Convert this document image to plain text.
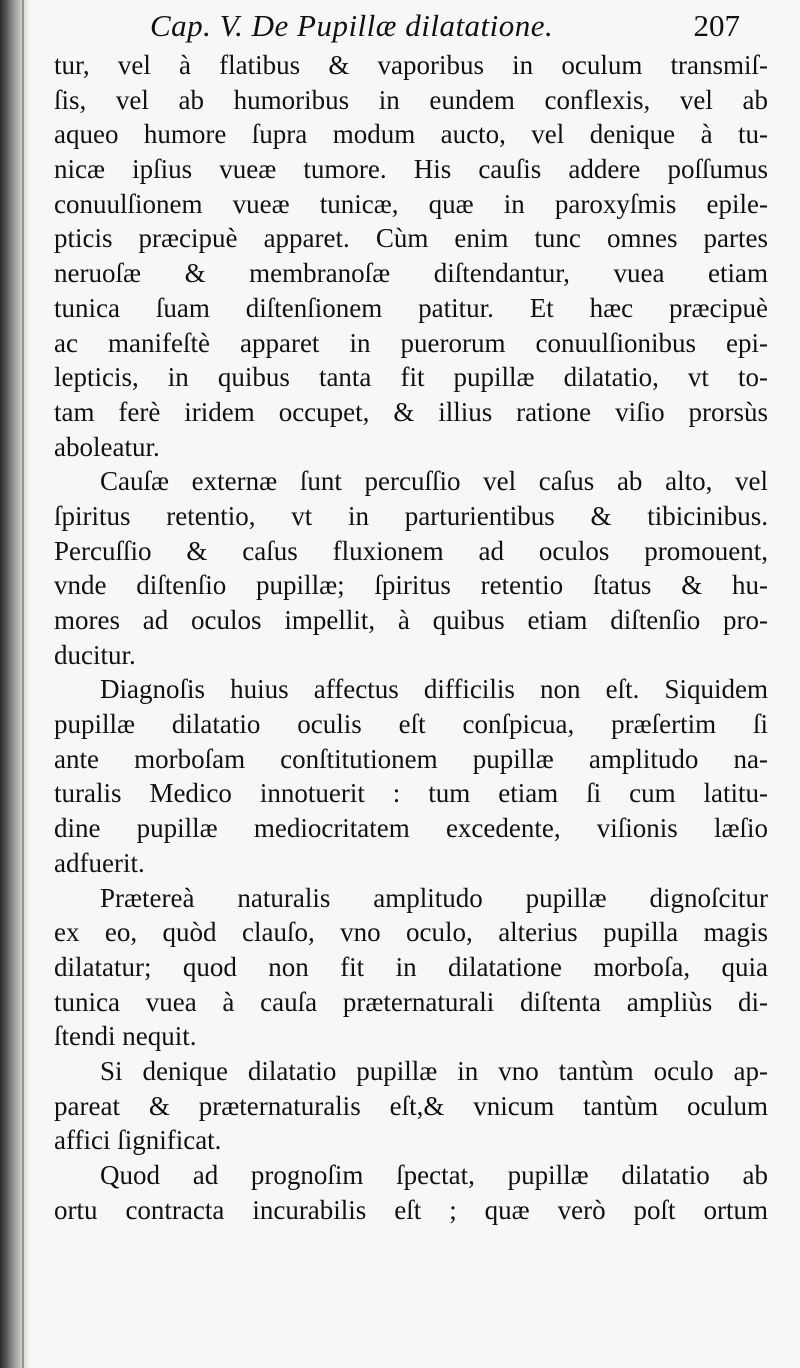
Cap. V. De Pupillæ dilatatione.	207
tur, vel à flatibus & vaporibus in oculum transmiſ-
ſis, vel ab humoribus in eundem conflexis, vel ab
aqueo humore ſupra modum aucto, vel denique à tu-
nicæ ipſius vueæ tumore. His cauſis addere poſſumus
conuulſionem vueæ tunicæ, quæ in paroxyſmis epile-
pticis præcipuè apparet. Cùm enim tunc omnes partes
neruoſæ & membranoſæ diſtendantur, vuea etiam
tunica ſuam diſtenſionem patitur. Et hæc præcipuè
ac manifeſtè apparet in puerorum conuulſionibus epi-
lepticis, in quibus tanta fit pupillæ dilatatio, vt to-
tam ferè iridem occupet, & illius ratione viſio prorsùs
aboleatur.
Cauſæ externæ ſunt percuſſio vel caſus ab alto, vel
ſpiritus retentio, vt in parturientibus & tibicinibus.
Percuſſio & caſus fluxionem ad oculos promouent,
vnde diſtenſio pupillæ; ſpiritus retentio ſtatus & hu-
mores ad oculos impellit, à quibus etiam diſtenſio pro-
ducitur.
Diagnoſis huius affectus difficilis non eſt. Siquidem
pupillæ dilatatio oculis eſt conſpicua, præſertim ſi
ante morboſam conſtitutionem pupillæ amplitudo na-
turalis Medico innotuerit : tum etiam ſi cum latitu-
dine pupillæ mediocritatem excedente, viſionis læſio
adfuerit.
Prætereà naturalis amplitudo pupillæ dignoſcitur
ex eo, quòd clauſo, vno oculo, alterius pupilla magis
dilatatur; quod non fit in dilatatione morboſa, quia
tunica vuea à cauſa præternaturali diſtenta ampliùs di-
ſtendi nequit.
Si denique dilatatio pupillæ in vno tantùm oculo ap-
pareat & præternaturalis eſt,& vnicum tantùm oculum
affici ſignificat.
Quod ad prognoſim ſpectat, pupillæ dilatatio ab
ortu contracta incurabilis eſt ; quæ verò poſt ortum
